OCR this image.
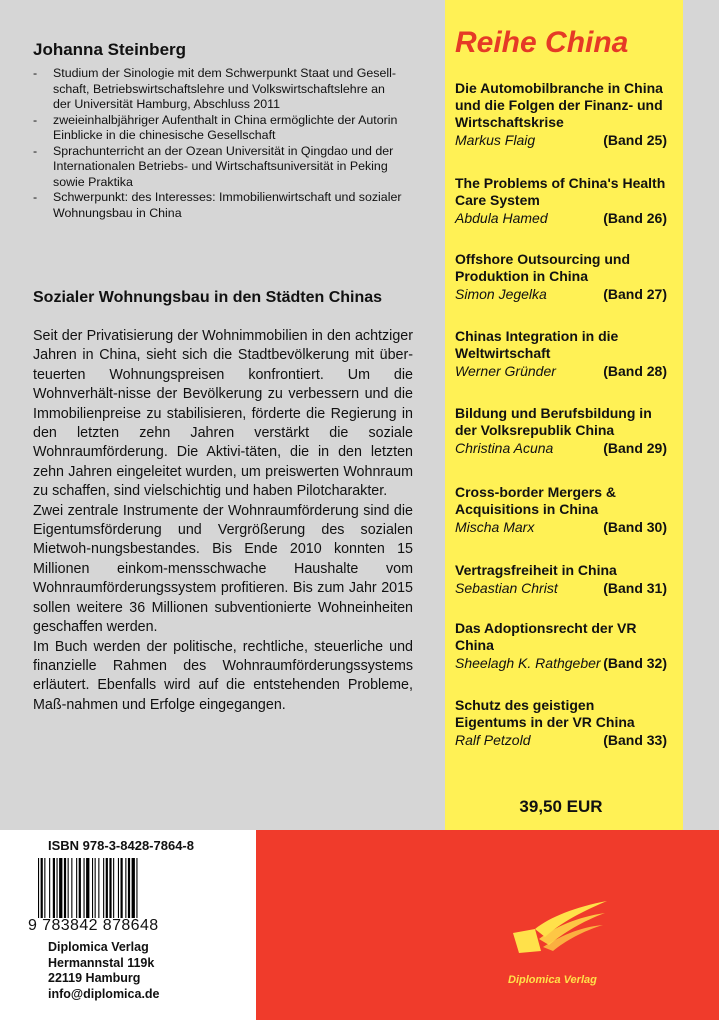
Johanna Steinberg
- Studium der Sinologie mit dem Schwerpunkt Staat und Gesell-schaft, Betriebswirtschaftslehre und Volkswirtschaftslehre an der Universität Hamburg, Abschluss 2011
- zweieinhalbjähriger Aufenthalt in China ermöglichte der Autorin Einblicke in die chinesische Gesellschaft
- Sprachunterricht an der Ozean Universität in Qingdao und der Internationalen Betriebs- und Wirtschaftsuniversität in Peking sowie Praktika
- Schwerpunkt: des Interesses: Immobilienwirtschaft und sozialer Wohnungsbau in China
Sozialer Wohnungsbau in den Städten Chinas

Seit der Privatisierung der Wohnimmobilien in den achtziger Jahren in China, sieht sich die Stadtbevölkerung mit über-teuerten Wohnungspreisen konfrontiert. Um die Wohnverhält-nisse der Bevölkerung zu verbessern und die Immobilienpreise zu stabilisieren, förderte die Regierung in den letzten zehn Jahren verstärkt die soziale Wohnraumförderung. Die Aktivi-täten, die in den letzten zehn Jahren eingeleitet wurden, um preiswerten Wohnraum zu schaffen, sind vielschichtig und haben Pilotcharakter.

Zwei zentrale Instrumente der Wohnraumförderung sind die Eigentumsförderung und Vergrößerung des sozialen Mietwoh-nungsbestandes. Bis Ende 2010 konnten 15 Millionen einkom-mensschwache Haushalte vom Wohnraumförderungssystem profitieren. Bis zum Jahr 2015 sollen weitere 36 Millionen subventionierte Wohneinheiten geschaffen werden.

Im Buch werden der politische, rechtliche, steuerliche und finanzielle Rahmen des Wohnraumförderungssystems erläutert. Ebenfalls wird auf die entstehenden Probleme, Maß-nahmen und Erfolge eingegangen.

Reihe China
Die Automobilbranche in China und die Folgen der Finanz- und Wirtschaftskrise
Markus Flaig	(Band 25)
The Problems of China's Health Care System
Abdula Hamed	(Band 26)
Offshore Outsourcing und Produktion in China
Simon Jegelka	(Band 27)
Chinas Integration in die Weltwirtschaft
Werner Gründer	(Band 28)
Bildung und Berufsbildung in der Volksrepublik China
Christina Acuna	(Band 29)
Cross-border Mergers & Acquisitions in China
Mischa Marx	(Band 30)
Vertragsfreiheit in China
Sebastian Christ	(Band 31)
Das Adoptionsrecht der VR China
Sheelagh K. Rathgeber (Band 32)
Schutz des geistigen Eigentums in der VR China
Ralf Petzold	(Band 33)
39,50 EUR
ISBN 978-3-8428-7864-8
9 783842 878648
Diplomica Verlag
Hermannstal 119k
22119 Hamburg
info@diplomica.de
Diplomica Verlag
